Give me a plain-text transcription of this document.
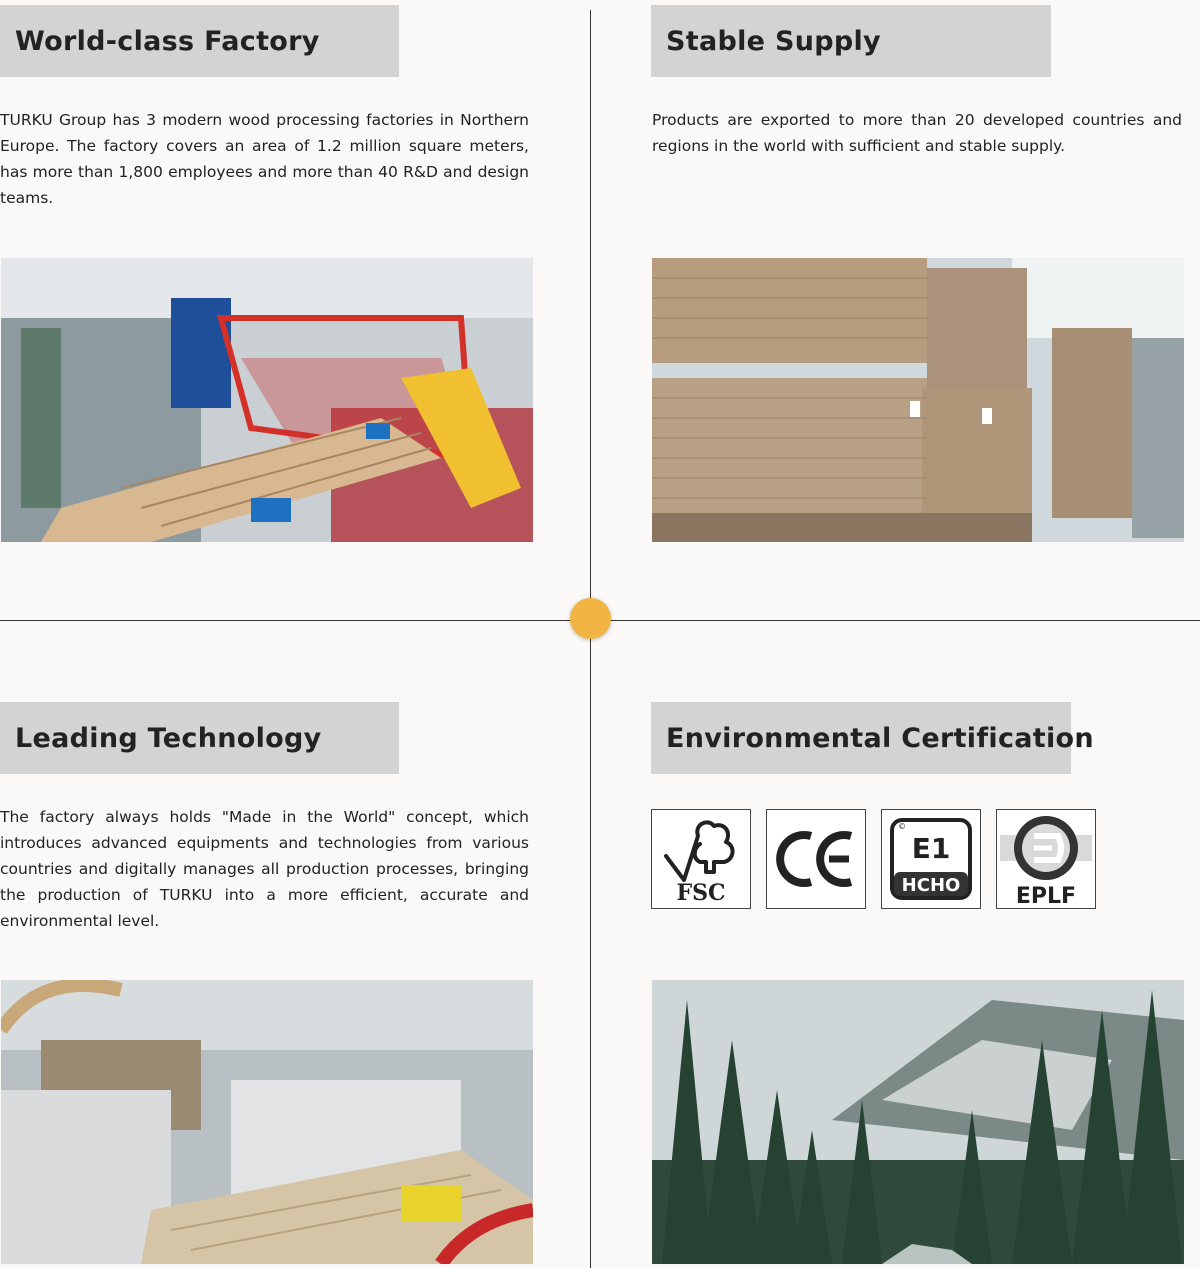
World-class Factory

TURKU Group has 3 modern wood processing factories in Northern Europe. The factory covers an area of 1.2 million square meters, has more than 1,800 employees and more than 40 R&D and design teams.

Stable Supply

Products are exported to more than 20 developed countries and regions in the world with sufficient and stable supply.

Leading Technology

The factory always holds "Made in the World" concept, which introduces advanced equipments and technologies from various countries and digitally manages all production processes, bringing the production of TURKU into a more efficient, accurate and environmental level.

Environmental Certification
FSC
©
E1
HCHO	EPLF
